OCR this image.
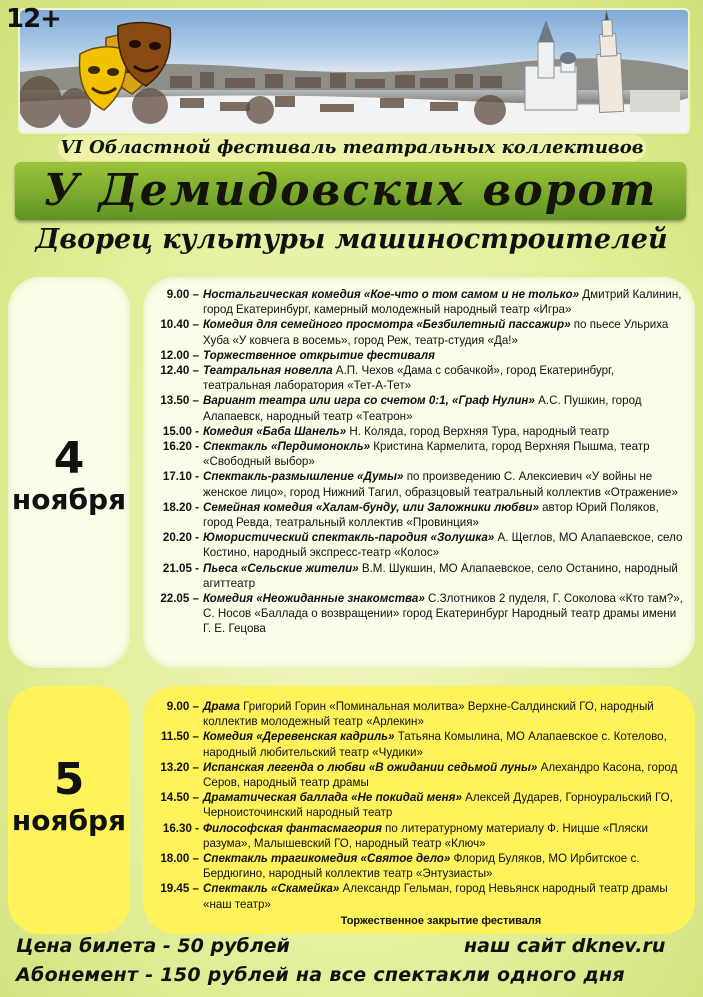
12+
VI Областной фестиваль театральных коллективов
У Демидовских ворот
Дворец культуры машиностроителей
4
ноября
9.00 – Ностальгическая комедия «Кое-что о том самом и не только» Дмитрий Калинин, город Екатеринбург, камерный молодежный народный театр «Игра»
10.40 – Комедия для семейного просмотра «Безбилетный пассажир» по пьесе Ульриха Хуба «У ковчега в восемь», город Реж, театр-студия «Да!»
12.00 – Торжественное открытие фестиваля
12.40 – Театральная новелла А.П. Чехов «Дама с собачкой», город Екатеринбург, театральная лаборатория «Тет-А-Тет»
13.50 – Вариант театра или игра со счетом 0:1, «Граф Нулин» А.С. Пушкин, город Алапаевск, народный театр «Театрон»
15.00 - Комедия «Баба Шанель» Н. Коляда, город Верхняя Тура, народный театр
16.20 - Спектакль «Пердимонокль» Кристина Кармелита, город Верхняя Пышма, театр «Свободный выбор»
17.10 - Спектакль-размышление «Думы» по произведению С. Алексиевич «У войны не женское лицо», город Нижний Тагил, образцовый театральный коллектив «Отражение»
18.20 - Семейная комедия «Халам-бунду, или Заложники любви» автор Юрий Поляков, город Ревда, театральный коллектив «Провинция»
20.20 - Юмористический спектакль-пародия «Золушка» А. Щеглов, МО Алапаевское, село Костино, народный экспресс-театр «Колос»
21.05 - Пьеса «Сельские жители» В.М. Шукшин, МО Алапаевское, село Останино, народный агиттеатр
22.05 – Комедия «Неожиданные знакомства» С.Злотников 2 пуделя, Г. Соколова «Кто там?», С. Носов «Баллада о возвращении» город Екатеринбург Народный театр драмы имени Г. Е. Гецова
5
ноября
9.00 – Драма Григорий Горин «Поминальная молитва» Верхне-Салдинский ГО, народный коллектив молодежный театр «Арлекин»
11.50 – Комедия «Деревенская кадриль» Татьяна Комылина, МО Алапаевское с. Котелово, народный любительский театр «Чудики»
13.20 – Испанская легенда о любви «В ожидании седьмой луны» Алехандро Касона, город Серов, народный театр драмы
14.50 – Драматическая баллада «Не покидай меня» Алексей Дударев, Горноуральский ГО, Черноисточинский народный театр
16.30 - Философская фантасмагория по литературному материалу Ф. Ницше «Пляски разума», Малышевский ГО, народный театр «Ключ»
18.00 – Спектакль трагикомедия «Святое дело» Флорид Буляков, МО Ирбитское с. Бердюгино, народный коллектив театр «Энтузиасты»
19.45 – Спектакль «Скамейка» Александр Гельман, город Невьянск народный театр драмы «наш театр»
Торжественное закрытие фестиваля
Цена билета - 50 рублей	наш сайт dknev.ru
Абонемент - 150 рублей на все спектакли одного дня
